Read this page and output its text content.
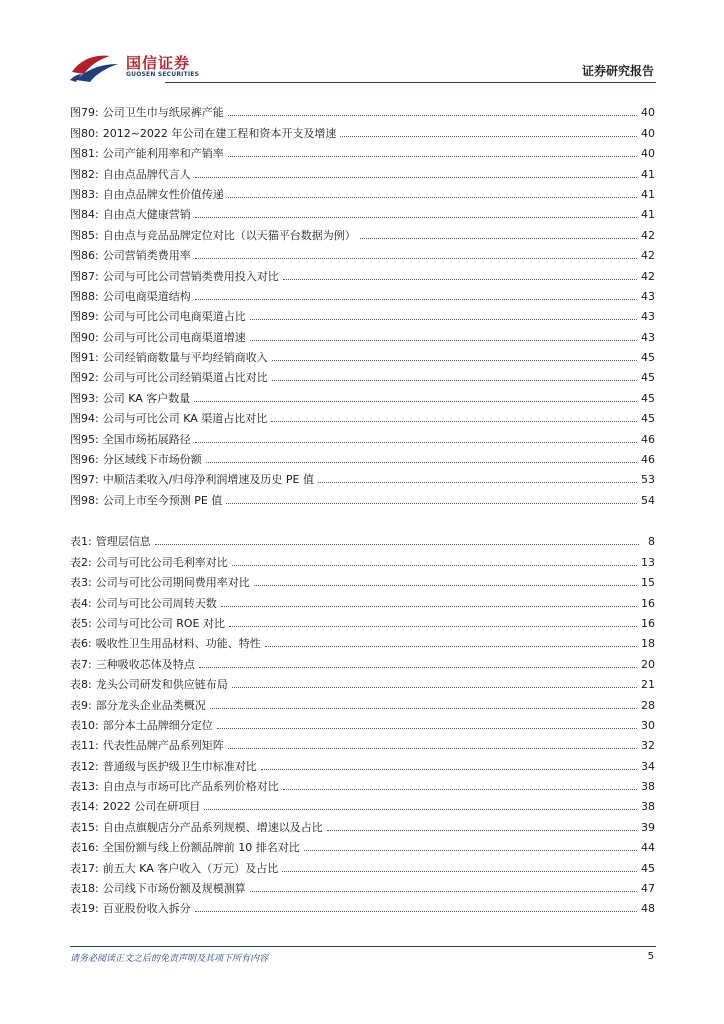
国信证券
GUOSEN SECURITIES	证券研究报告
图79: 公司卫生巾与纸尿裤产能	40
图80: 2012~2022 年公司在建工程和资本开支及增速	40
图81: 公司产能利用率和产销率	40
图82: 自由点品牌代言人	41
图83: 自由点品牌女性价值传递	41
图84: 自由点大健康营销	41
图85: 自由点与竞品品牌定位对比（以天猫平台数据为例）	42
图86: 公司营销类费用率	42
图87: 公司与可比公司营销类费用投入对比	42
图88: 公司电商渠道结构	43
图89: 公司与可比公司电商渠道占比	43
图90: 公司与可比公司电商渠道增速	43
图91: 公司经销商数量与平均经销商收入	45
图92: 公司与可比公司经销渠道占比对比	45
图93: 公司 KA 客户数量	45
图94: 公司与可比公司 KA 渠道占比对比	45
图95: 全国市场拓展路径	46
图96: 分区域线下市场份额	46
图97: 中顺洁柔收入/归母净利润增速及历史 PE 值	53
图98: 公司上市至今预测 PE 值	54
表1: 管理层信息	8
表2: 公司与可比公司毛利率对比	13
表3: 公司与可比公司期间费用率对比	15
表4: 公司与可比公司周转天数	16
表5: 公司与可比公司 ROE 对比	16
表6: 吸收性卫生用品材料、功能、特性	18
表7: 三种吸收芯体及特点	20
表8: 龙头公司研发和供应链布局	21
表9: 部分龙头企业品类概况	28
表10: 部分本土品牌细分定位	30
表11: 代表性品牌产品系列矩阵	32
表12: 普通级与医护级卫生巾标准对比	34
表13: 自由点与市场可比产品系列价格对比	38
表14: 2022 公司在研项目	38
表15: 自由点旗舰店分产品系列规模、增速以及占比	39
表16: 全国份额与线上份额品牌前 10 排名对比	44
表17: 前五大 KA 客户收入（万元）及占比	45
表18: 公司线下市场份额及规模测算	47
表19: 百亚股份收入拆分	48
请务必阅读正文之后的免责声明及其项下所有内容	5
